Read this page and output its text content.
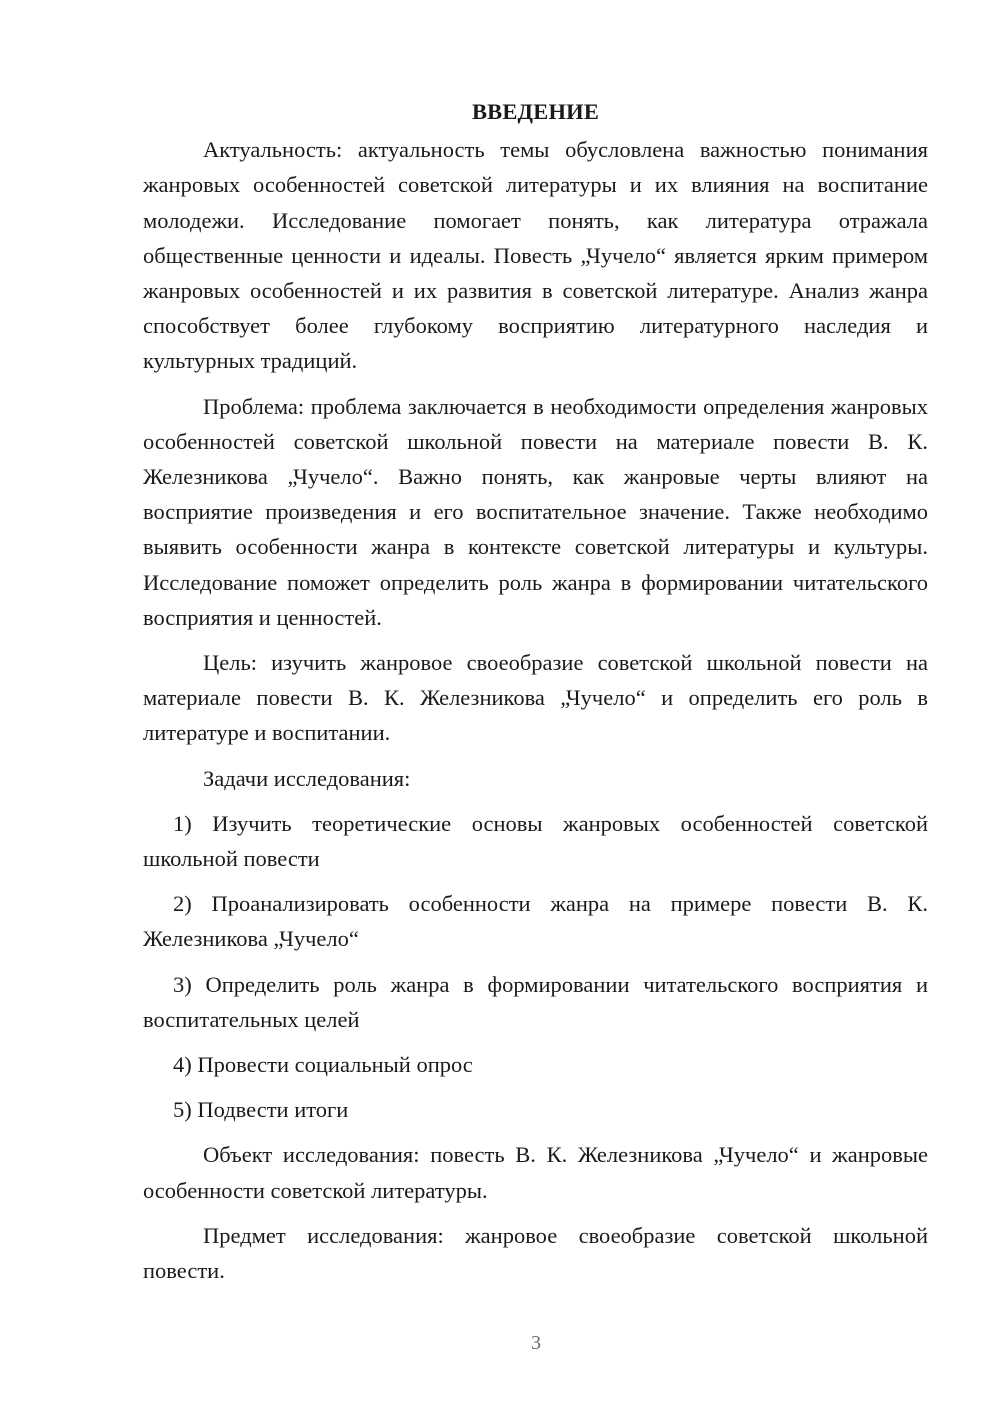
ВВЕДЕНИЕ

Актуальность: актуальность темы обусловлена важностью понимания жанровых особенностей советской литературы и их влияния на воспитание молодежи. Исследование помогает понять, как литература отражала общественные ценности и идеалы. Повесть „Чучело“ является ярким примером жанровых особенностей и их развития в советской литературе. Анализ жанра способствует более глубокому восприятию литературного наследия и культурных традиций.

Проблема: проблема заключается в необходимости определения жанровых особенностей советской школьной повести на материале повести В. К. Железникова „Чучело“. Важно понять, как жанровые черты влияют на восприятие произведения и его воспитательное значение. Также необходимо выявить особенности жанра в контексте советской литературы и культуры. Исследование поможет определить роль жанра в формировании читательского восприятия и ценностей.

Цель: изучить жанровое своеобразие советской школьной повести на материале повести В. К. Железникова „Чучело“ и определить его роль в литературе и воспитании.

Задачи исследования:

1) Изучить теоретические основы жанровых особенностей советской школьной повести

2) Проанализировать особенности жанра на примере повести В. К. Железникова „Чучело“

3) Определить роль жанра в формировании читательского восприятия и воспитательных целей

4) Провести социальный опрос

5) Подвести итоги

Объект исследования: повесть В. К. Железникова „Чучело“ и жанровые особенности советской литературы.

Предмет исследования: жанровое своеобразие советской школьной повести.

3
